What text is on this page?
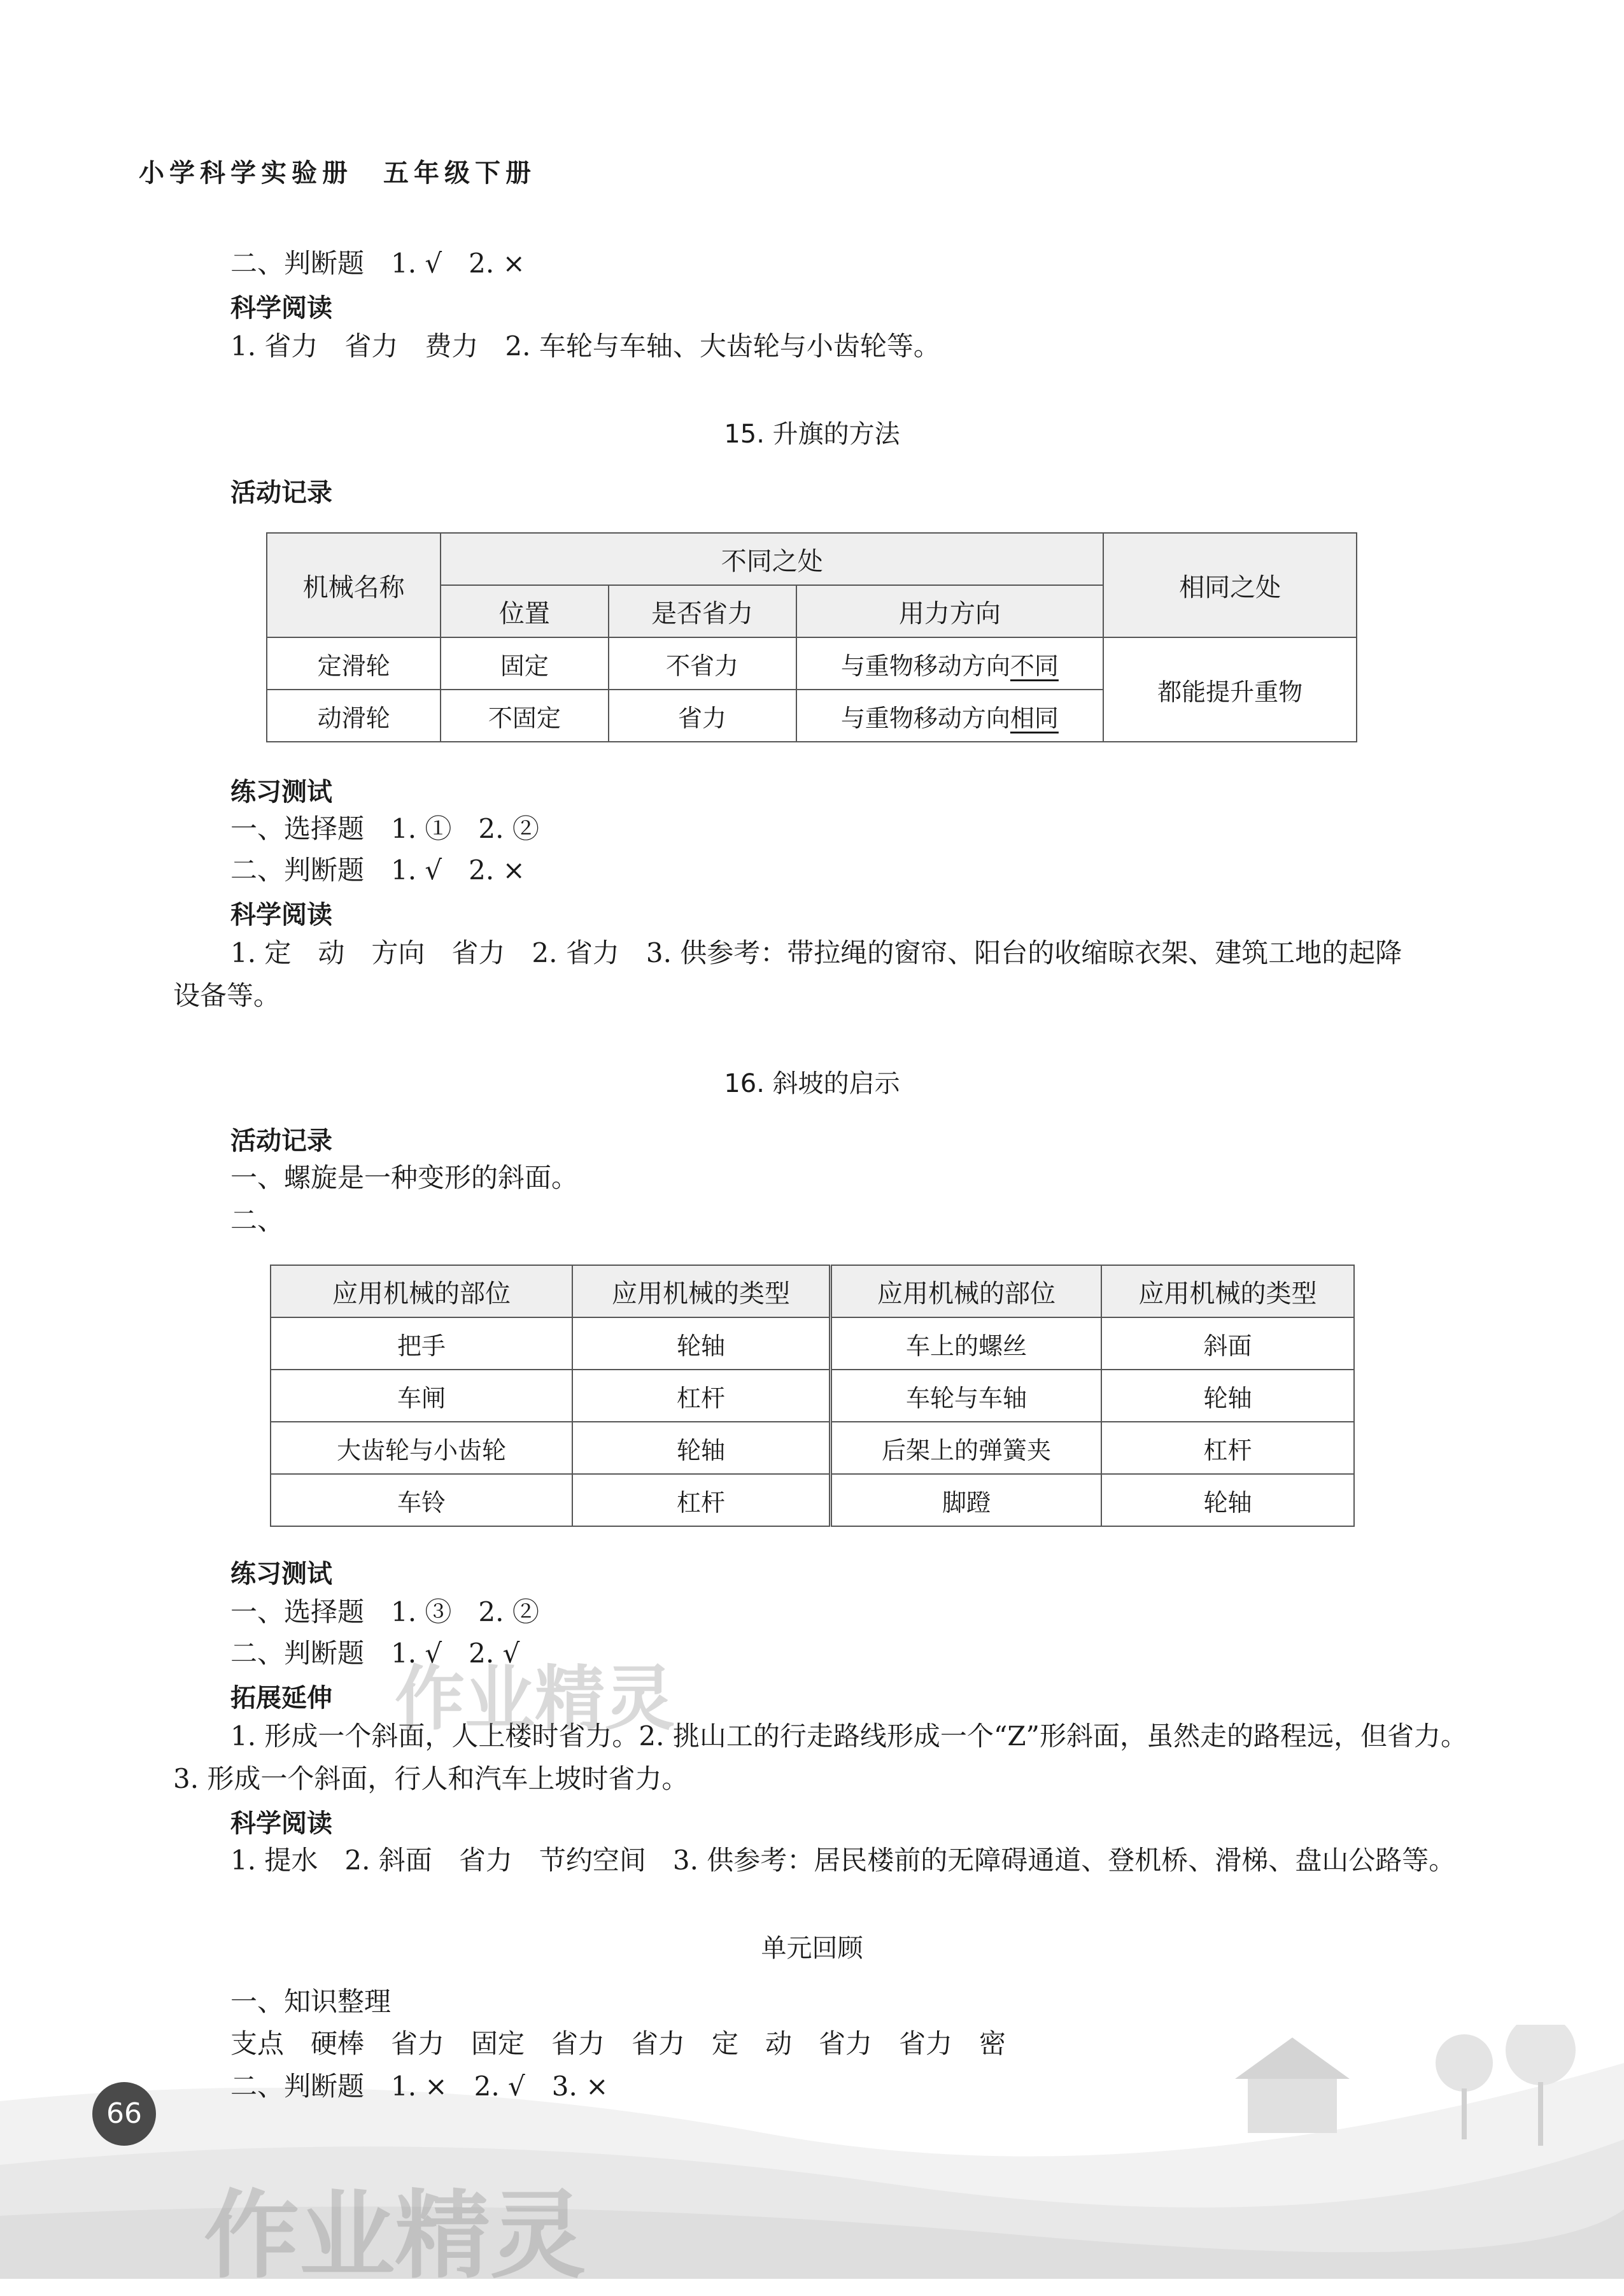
小学科学实验册　五年级下册
二、判断题　1. √　2. ×
科学阅读
1. 省力　省力　费力　2. 车轮与车轴、大齿轮与小齿轮等。
15. 升旗的方法
活动记录
机械名称	不同之处			相同之处
	位置	是否省力	用力方向	
定滑轮	固定	不省力	与重物移动方向不同	都能提升重物
动滑轮	不固定	省力	与重物移动方向相同	
练习测试
一、选择题　1. ①　2. ②
二、判断题　1. √　2. ×
科学阅读
1. 定　动　方向　省力　2. 省力　3. 供参考：带拉绳的窗帘、阳台的收缩晾衣架、建筑工地的起降
设备等。
16. 斜坡的启示
活动记录
一、螺旋是一种变形的斜面。
二、
应用机械的部位	应用机械的类型	应用机械的部位	应用机械的类型
把手	轮轴	车上的螺丝	斜面
车闸	杠杆	车轮与车轴	轮轴
大齿轮与小齿轮	轮轴	后架上的弹簧夹	杠杆
车铃	杠杆	脚蹬	轮轴
练习测试
一、选择题　1. ③　2. ②
二、判断题　1. √　2. √
拓展延伸
1. 形成一个斜面，人上楼时省力。2. 挑山工的行走路线形成一个“Z”形斜面，虽然走的路程远，但省力。
3. 形成一个斜面，行人和汽车上坡时省力。
科学阅读
1. 提水　2. 斜面　省力　节约空间　3. 供参考：居民楼前的无障碍通道、登机桥、滑梯、盘山公路等。
单元回顾
一、知识整理
支点　硬棒　省力　固定　省力　省力　定　动　省力　省力　密
二、判断题　1. ×　2. √　3. ×
66
作业精灵
作业精灵
